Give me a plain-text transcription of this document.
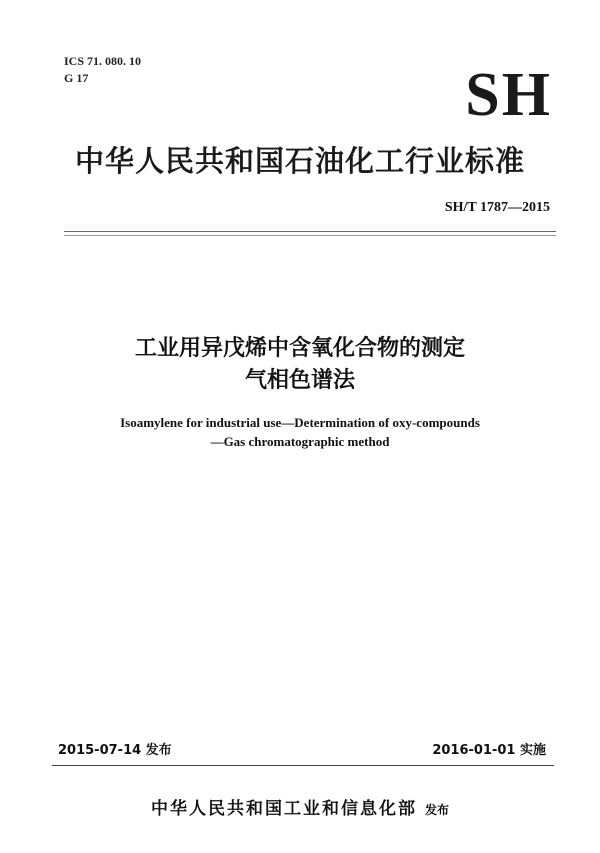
ICS 71. 080. 10
G 17	SH
中华人民共和国石油化工行业标准
SH/T 1787—2015
工业用异戊烯中含氧化合物的测定
气相色谱法
Isoamylene for industrial use—Determination of oxy-compounds
—Gas chromatographic method
2015-07-14 发布	2016-01-01 实施
中华人民共和国工业和信息化部 发布
